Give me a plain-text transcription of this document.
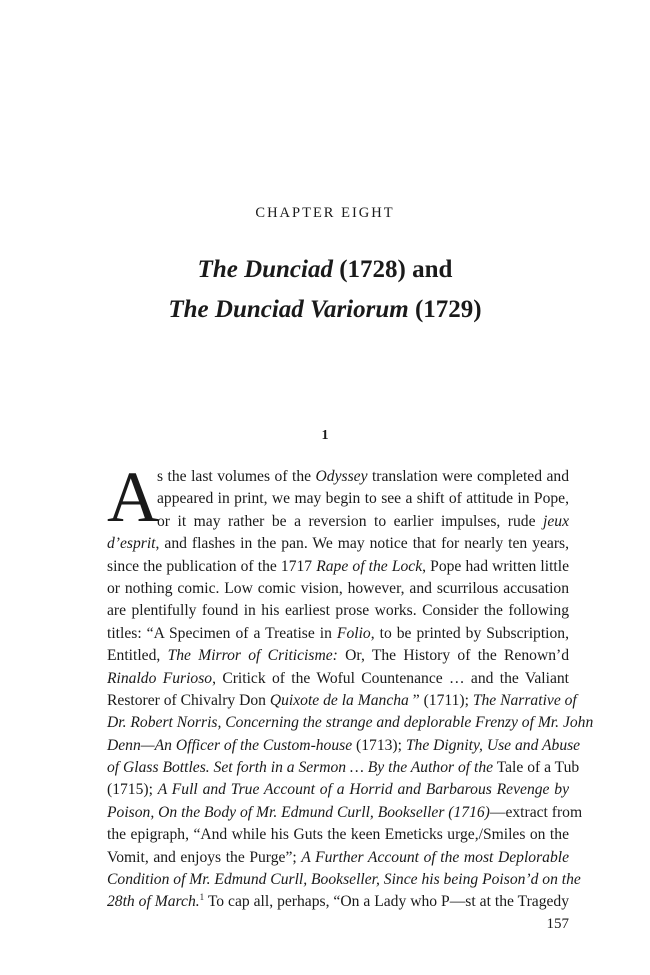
CHAPTER EIGHT
The Dunciad (1728) and
The Dunciad Variorum (1729)
1
A
s the last volumes of the Odyssey translation were completed and
appeared in print, we may begin to see a shift of attitude in Pope,
or it may rather be a reversion to earlier impulses, rude jeux
d’esprit, and flashes in the pan. We may notice that for nearly ten years,
since the publication of the 1717 Rape of the Lock, Pope had written little
or nothing comic. Low comic vision, however, and scurrilous accusation
are plentifully found in his earliest prose works. Consider the following
titles: “A Specimen of a Treatise in Folio, to be printed by Subscription,
Entitled, The Mirror of Criticisme: Or, The History of the Renown’d
Rinaldo Furioso, Critick of the Woful Countenance … and the Valiant
Restorer of Chivalry Don Quixote de la Mancha ” (1711); The Narrative of
Dr. Robert Norris, Concerning the strange and deplorable Frenzy of Mr. John
Denn—An Officer of the Custom-house (1713); The Dignity, Use and Abuse
of Glass Bottles. Set forth in a Sermon … By the Author of the Tale of a Tub
(1715); A Full and True Account of a Horrid and Barbarous Revenge by
Poison, On the Body of Mr. Edmund Curll, Bookseller (1716)—extract from
the epigraph, “And while his Guts the keen Emeticks urge,/Smiles on the
Vomit, and enjoys the Purge”; A Further Account of the most Deplorable
Condition of Mr. Edmund Curll, Bookseller, Since his being Poison’d on the
28th of March.$^1$ To cap all, perhaps, “On a Lady who P—st at the Tragedy
157
